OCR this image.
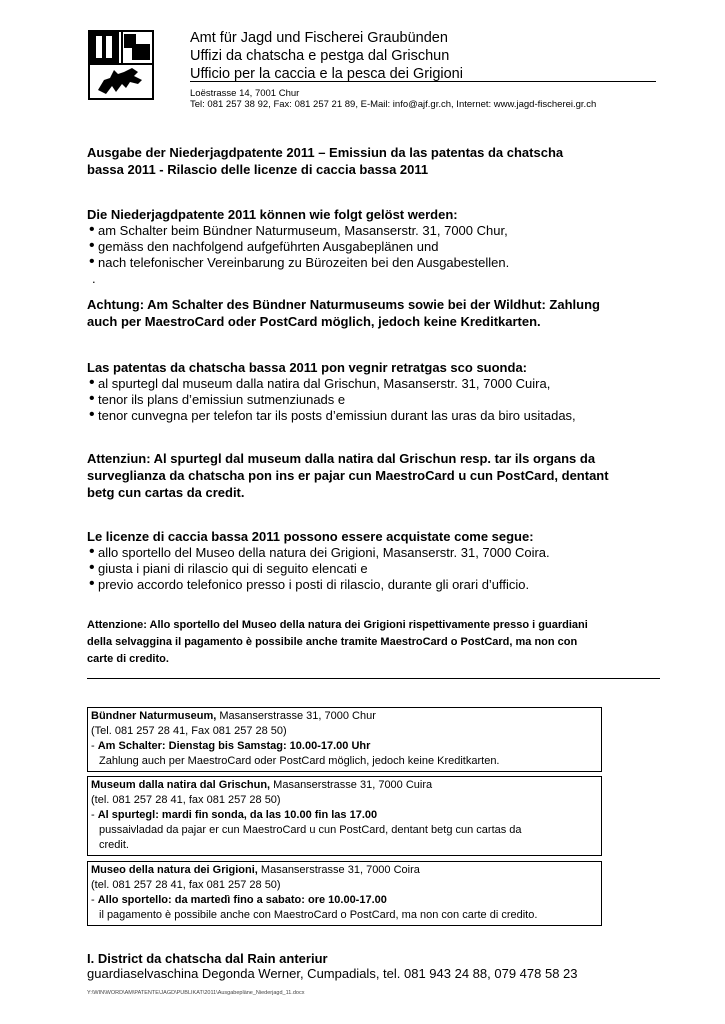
Amt für Jagd und Fischerei Graubünden
Uffizi da chatscha e pestga dal Grischun
Ufficio per la caccia e la pesca dei Grigioni
Loëstrasse 14, 7001 Chur
Tel: 081 257 38 92, Fax: 081 257 21 89, E-Mail: info@ajf.gr.ch, Internet: www.jagd-fischerei.gr.ch
Ausgabe der Niederjagdpatente 2011 – Emissiun da las patentas da chatscha
bassa 2011 - Rilascio delle licenze di caccia bassa 2011
Die Niederjagdpatente 2011 können wie folgt gelöst werden:
• am Schalter beim Bündner Naturmuseum, Masanserstr. 31, 7000 Chur,
• gemäss den nachfolgend aufgeführten Ausgabeplänen und
• nach telefonischer Vereinbarung zu Bürozeiten bei den Ausgabestellen.
.
Achtung: Am Schalter des Bündner Naturmuseums sowie bei der Wildhut: Zahlung
auch per MaestroCard oder PostCard möglich, jedoch keine Kreditkarten.
Las patentas da chatscha bassa 2011 pon vegnir retratgas sco suonda:
• al spurtegl dal museum dalla natira dal Grischun, Masanserstr. 31, 7000 Cuira,
• tenor ils plans d’emissiun sutmenziunads e
• tenor cunvegna per telefon tar ils posts d’emissiun durant las uras da biro usitadas,
Attenziun: Al spurtegl dal museum dalla natira dal Grischun resp. tar ils organs da
surveglianza da chatscha pon ins er pajar cun MaestroCard u cun PostCard, dentant
betg cun cartas da credit.
Le licenze di caccia bassa 2011 possono essere acquistate come segue:
• allo sportello del Museo della natura dei Grigioni, Masanserstr. 31, 7000 Coira.
• giusta i piani di rilascio qui di seguito elencati e
• previo accordo telefonico presso i posti di rilascio, durante gli orari d’ufficio.
Attenzione: Allo sportello del Museo della natura dei Grigioni rispettivamente presso i guardiani
della selvaggina il pagamento è possibile anche tramite MaestroCard o PostCard, ma non con
carte di credito.
Bündner Naturmuseum, Masanserstrasse 31, 7000 Chur
(Tel. 081 257 28 41, Fax 081 257 28 50)
- Am Schalter: Dienstag bis Samstag: 10.00-17.00 Uhr
Zahlung auch per MaestroCard oder PostCard möglich, jedoch keine Kreditkarten.
Museum dalla natira dal Grischun, Masanserstrasse 31, 7000 Cuira
(tel. 081 257 28 41, fax 081 257 28 50)
- Al spurtegl: mardi fin sonda, da las 10.00 fin las 17.00
pussaivladad da pajar er cun MaestroCard u cun PostCard, dentant betg cun cartas da
credit.
Museo della natura dei Grigioni, Masanserstrasse 31, 7000 Coira
(tel. 081 257 28 41, fax 081 257 28 50)
- Allo sportello: da martedì fino a sabato: ore 10.00-17.00
il pagamento è possibile anche con MaestroCard o PostCard, ma non con carte di credito.
I. District da chatscha dal Rain anteriur
guardiaselvaschina Degonda Werner, Cumpadials, tel. 081 943 24 88, 079 478 58 23
Y:\WIN\WORD\AM\PATENTE\JAGD\PUBLIKAT\2011\Ausgabepläne_Niederjagd_11.docx
